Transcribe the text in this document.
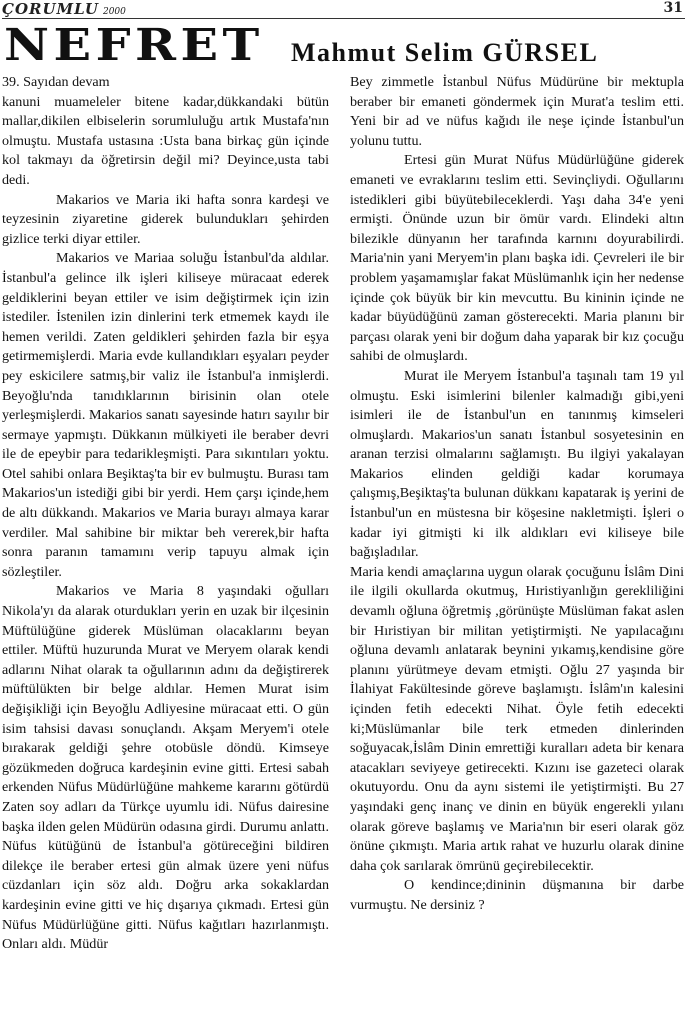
ÇORUMLU 2000	31
NEFRET Mahmut Selim GÜRSEL

39. Sayıdan devam

kanuni muameleler bitene kadar,dükkandaki bütün mallar,dikilen elbiselerin sorumluluğu artık Mustafa'nın olmuştu. Mustafa ustasına :Usta bana birkaç gün içinde kol takmayı da öğretirsin değil mi? Deyince,usta tabi dedi.

Makarios ve Maria iki hafta sonra kardeşi ve teyzesinin ziyaretine giderek bulundukları şehirden gizlice terki diyar ettiler.

Makarios ve Mariaa soluğu İstanbul'da aldılar. İstanbul'a gelince ilk işleri kiliseye müracaat ederek geldiklerini beyan ettiler ve isim değiştirmek için izin istediler. İstenilen izin dinlerini terk etmemek kaydı ile hemen verildi. Zaten geldikleri şehirden fazla bir eşya getirmemişlerdi. Maria evde kullandıkları eşyaları peyder pey eskicilere satmış,bir valiz ile İstanbul'a inmişlerdi. Beyoğlu'nda tanıdıklarının birisinin olan otele yerleşmişlerdi. Makarios sanatı sayesinde hatırı sayılır bir sermaye yapmıştı. Dükkanın mülkiyeti ile beraber devri ile de epeybir para tedarikleşmişti. Para sıkıntıları yoktu. Otel sahibi onlara Beşiktaş'ta bir ev bulmuştu. Burası tam Makarios'un istediği gibi bir yerdi. Hem çarşı içinde,hem de altı dükkandı. Makarios ve Maria burayı almaya karar verdiler. Mal sahibine bir miktar beh vererek,bir hafta sonra paranın tamamını verip tapuyu almak için sözleştiler.

Makarios ve Maria 8 yaşındaki oğulları Nikola'yı da alarak oturdukları yerin en uzak bir ilçesinin Müftülüğüne giderek Müslüman olacaklarını beyan ettiler. Müftü huzurunda Murat ve Meryem olarak kendi adlarını Nihat olarak ta oğullarının adını da değiştirerek müftülükten bir belge aldılar. Hemen Murat isim değişikliği için Beyoğlu Adliyesine müracaat etti. O gün isim tahsisi davası sonuçlandı. Akşam Meryem'i otele bırakarak geldiği şehre otobüsle döndü. Kimseye gözükmeden doğruca kardeşinin evine gitti. Ertesi sabah erkenden Nüfus Müdürlüğüne mahkeme kararını götürdü Zaten soy adları da Türkçe uyumlu idi. Nüfus dairesine başka ilden gelen Müdürün odasına girdi. Durumu anlattı. Nüfus kütüğünü de İstanbul'a götüreceğini bildiren dilekçe ile beraber ertesi gün almak üzere yeni nüfus cüzdanları için söz aldı. Doğru arka sokaklardan kardeşinin evine gitti ve hiç dışarıya çıkmadı. Ertesi gün Nüfus Müdürlüğüne gitti. Nüfus kağıtları hazırlanmıştı. Onları aldı. Müdür

Bey zimmetle İstanbul Nüfus Müdürüne bir mektupla beraber bir emaneti göndermek için Murat'a teslim etti. Yeni bir ad ve nüfus kağıdı ile neşe içinde İstanbul'un yolunu tuttu.

Ertesi gün Murat Nüfus Müdürlüğüne giderek emaneti ve evraklarını teslim etti. Sevinçliydi. Oğullarını istedikleri gibi büyütebileceklerdi. Yaşı daha 34'e yeni ermişti. Önünde uzun bir ömür vardı. Elindeki altın bilezikle dünyanın her tarafında karnını doyurabilirdi. Maria'nin yani Meryem'in planı başka idi. Çevreleri ile bir problem yaşamamışlar fakat Müslümanlık için her nedense içinde çok büyük bir kin mevcuttu. Bu kininin içinde ne kadar büyüdüğünü zaman gösterecekti. Maria planını bir parçası olarak yeni bir doğum daha yaparak bir kız çocuğu sahibi de olmuşlardı.

Murat ile Meryem İstanbul'a taşınalı tam 19 yıl olmuştu. Eski isimlerini bilenler kalmadığı gibi,yeni isimleri ile de İstanbul'un en tanınmış kimseleri olmuşlardı. Makarios'un sanatı İstanbul sosyetesinin en aranan terzisi olmalarını sağlamıştı. Bu ilgiyi yakalayan Makarios elinden geldiği kadar korumaya çalışmış,Beşiktaş'ta bulunan dükkanı kapatarak iş yerini de İstanbul'un en müstesna bir köşesine nakletmişti. İşleri o kadar iyi gitmişti ki ilk aldıkları evi kiliseye bile bağışladılar.

Maria kendi amaçlarına uygun olarak çocuğunu İslâm Dini ile ilgili okullarda okutmuş, Hıristiyanlığın gerekliliğini devamlı oğluna öğretmiş ,görünüşte Müslüman fakat aslen bir Hıristiyan bir militan yetiştirmişti. Ne yapılacağını oğluna devamlı anlatarak beynini yıkamış,kendisine göre planını yürütmeye devam etmişti. Oğlu 27 yaşında bir İlahiyat Fakültesinde göreve başlamıştı. İslâm'ın kalesini içinden fetih edecekti Nihat. Öyle fetih edecekti ki;Müslümanlar bile terk etmeden dinlerinden soğuyacak,İslâm Dinin emrettiği kuralları adeta bir kenara atacakları seviyeye getirecekti. Kızını ise gazeteci olarak okutuyordu. Onu da aynı sistemi ile yetiştirmişti. Bu 27 yaşındaki genç inanç ve dinin en büyük engerekli yılanı olarak göreve başlamış ve Maria'nın bir eseri olarak göz önüne çıkmıştı. Maria artık rahat ve huzurlu olarak dinine daha çok sarılarak ömrünü geçirebilecektir.

O kendince;dininin düşmanına bir darbe vurmuştu. Ne dersiniz ?
